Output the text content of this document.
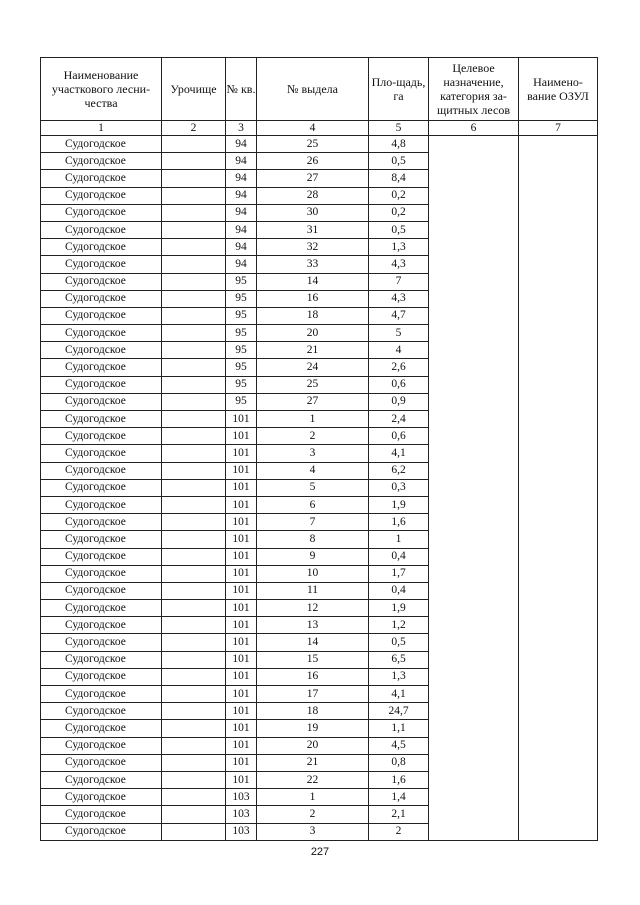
Наименование участкового лесни-чества	Урочище	№ кв.	№ выдела	Пло-щадь, га	Целевое назначение, категория за-щитных лесов	Наимено-вание ОЗУЛ
1	2	3	4	5	6	7
Судогодское		94	25	4,8		
Судогодское		94	26	0,5		
Судогодское		94	27	8,4		
Судогодское		94	28	0,2		
Судогодское		94	30	0,2		
Судогодское		94	31	0,5		
Судогодское		94	32	1,3		
Судогодское		94	33	4,3		
Судогодское		95	14	7		
Судогодское		95	16	4,3		
Судогодское		95	18	4,7		
Судогодское		95	20	5		
Судогодское		95	21	4		
Судогодское		95	24	2,6		
Судогодское		95	25	0,6		
Судогодское		95	27	0,9		
Судогодское		101	1	2,4		
Судогодское		101	2	0,6		
Судогодское		101	3	4,1		
Судогодское		101	4	6,2		
Судогодское		101	5	0,3		
Судогодское		101	6	1,9		
Судогодское		101	7	1,6		
Судогодское		101	8	1		
Судогодское		101	9	0,4		
Судогодское		101	10	1,7		
Судогодское		101	11	0,4		
Судогодское		101	12	1,9		
Судогодское		101	13	1,2		
Судогодское		101	14	0,5		
Судогодское		101	15	6,5		
Судогодское		101	16	1,3		
Судогодское		101	17	4,1		
Судогодское		101	18	24,7		
Судогодское		101	19	1,1		
Судогодское		101	20	4,5		
Судогодское		101	21	0,8		
Судогодское		101	22	1,6		
Судогодское		103	1	1,4		
Судогодское		103	2	2,1		
Судогодское		103	3	2		
227
